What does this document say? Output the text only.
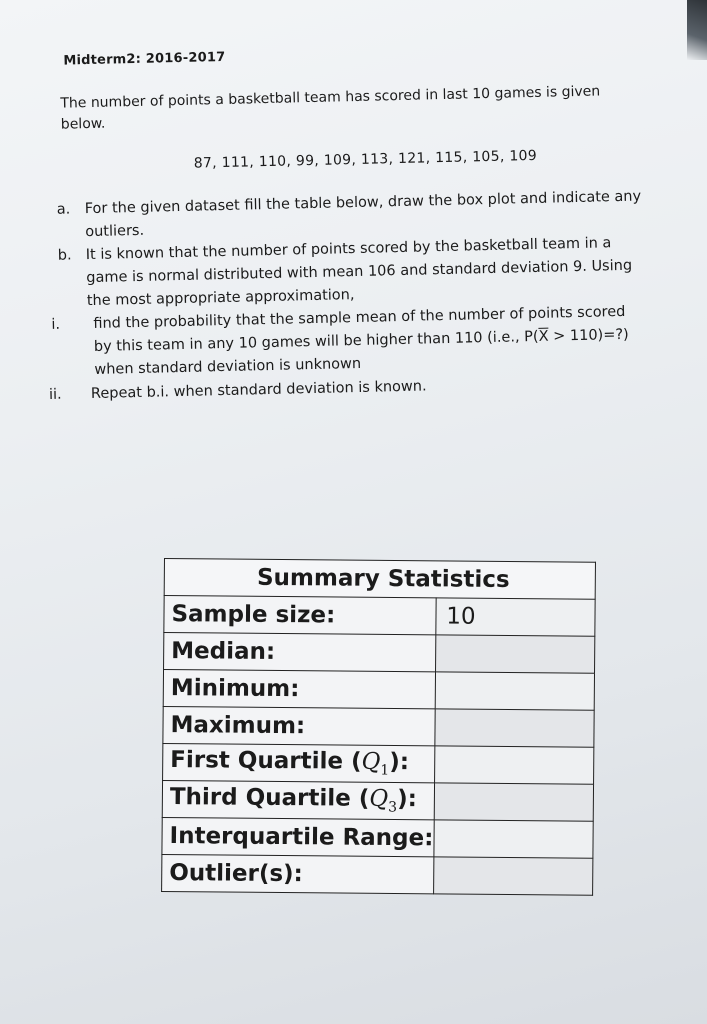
Midterm2: 2016-2017
The number of points a basketball team has scored in last 10 games is given
below.
87, 111, 110, 99, 109, 113, 121, 115, 105, 109
a. For the given dataset fill the table below, draw the box plot and indicate any
outliers.
b. It is known that the number of points scored by the basketball team in a
game is normal distributed with mean 106 and standard deviation 9. Using
the most appropriate approximation,
i.	find the probability that the sample mean of the number of points scored
by this team in any 10 games will be higher than 110 (i.e., $P(\overline{X}$ > 110)=?)
when standard deviation is unknown
ii.	Repeat b.i. when standard deviation is known.
Summary Statistics	
Sample size:	10
Median:	
Minimum:	
Maximum:	
First Quartile $(Q_1)$:	
Third Quartile $(Q_3)$:	
Interquartile Range:	
Outlier(s):	
